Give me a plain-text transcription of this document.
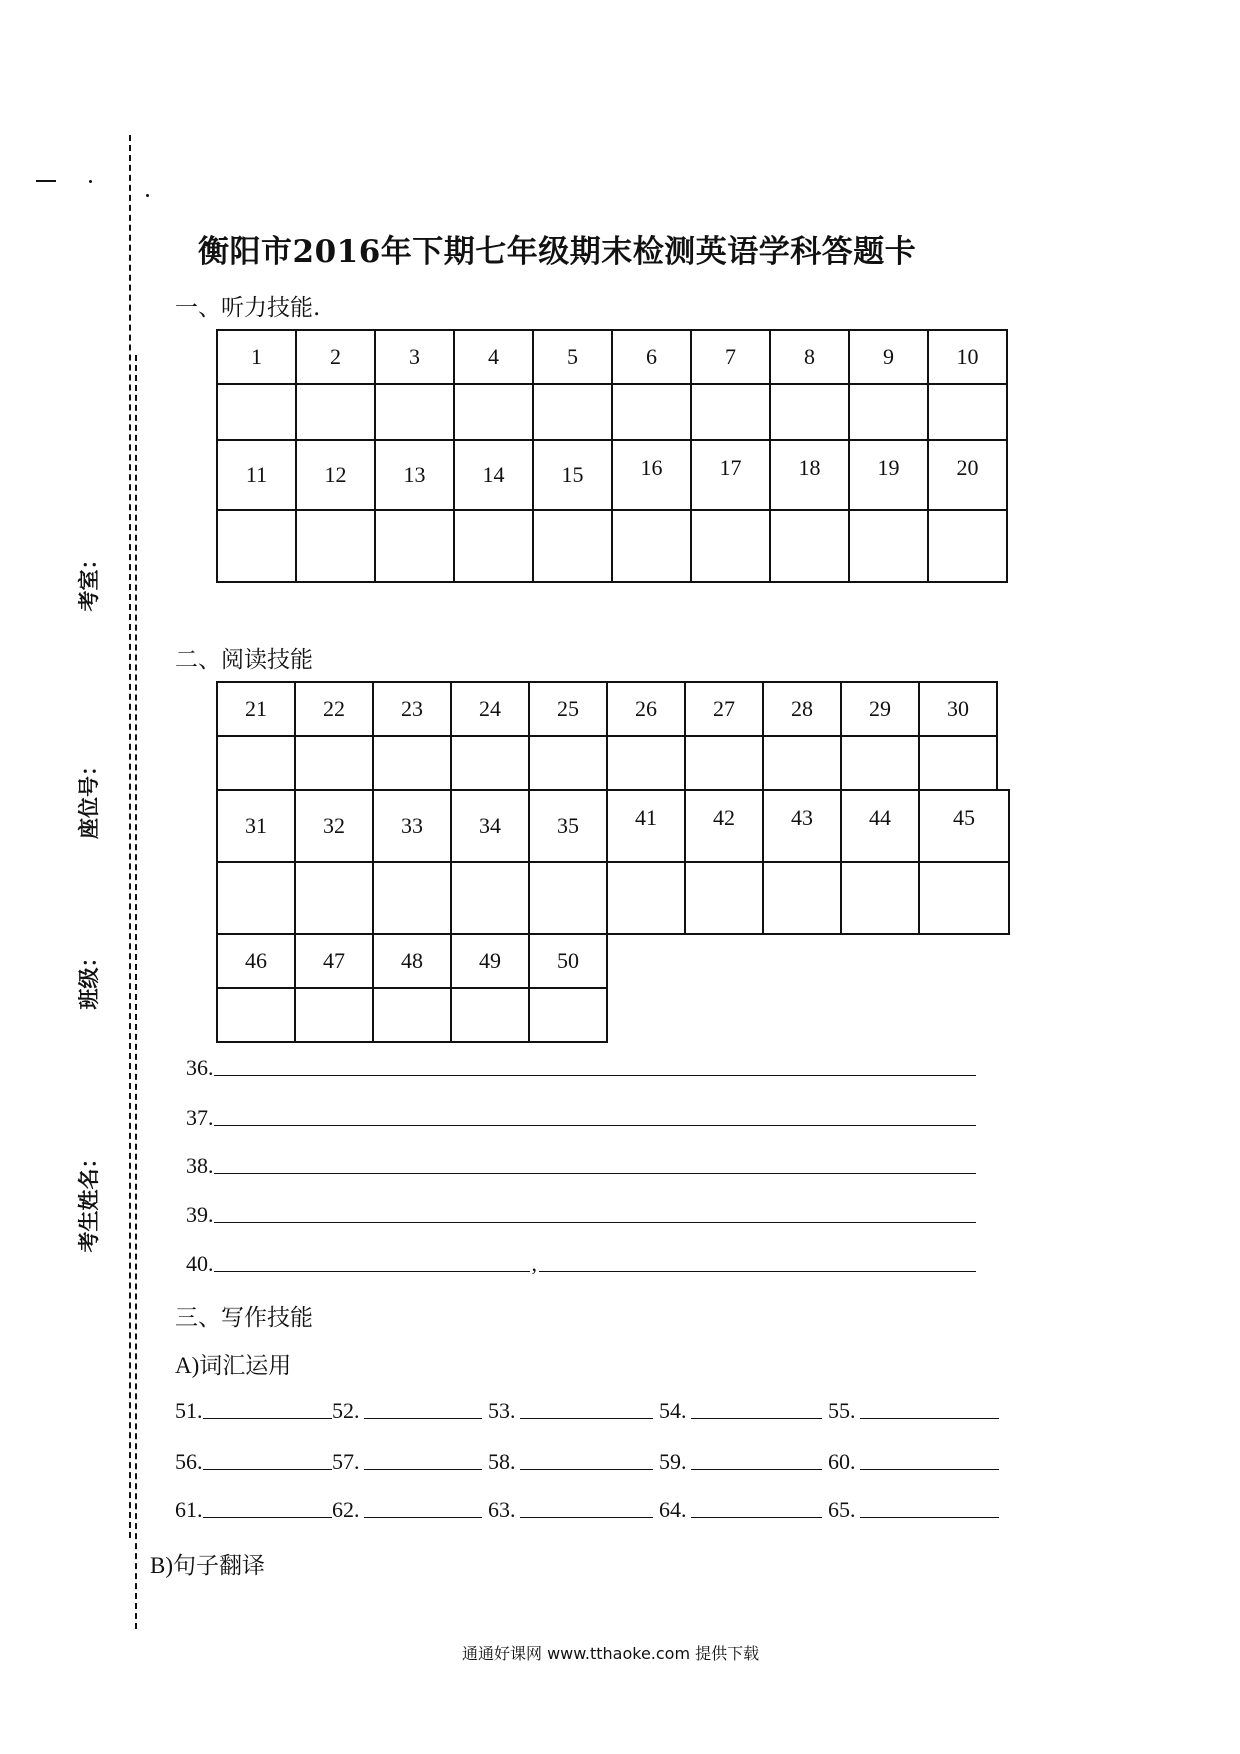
考室：
座位号：
班级：
考生姓名：
衡阳市2016年下期七年级期末检测英语学科答题卡
一、听力技能.
1	2	3	4	5	6	7	8	9	10
11	12	13	14	15	16	17	18	19	20
二、阅读技能
21	22	23	24	25	26	27	28	29	30
31	32	33	34	35	41	42	43	44	45
46	47	48	49	50
36.
37.
38.
39.
40.	,
三、写作技能
A)词汇运用
51.	52.	53.	54.	55.
56.	57.	58.	59.	60.
61.	62.	63.	64.	65.
B)句子翻译
通通好课网 www.tthaoke.com 提供下载
